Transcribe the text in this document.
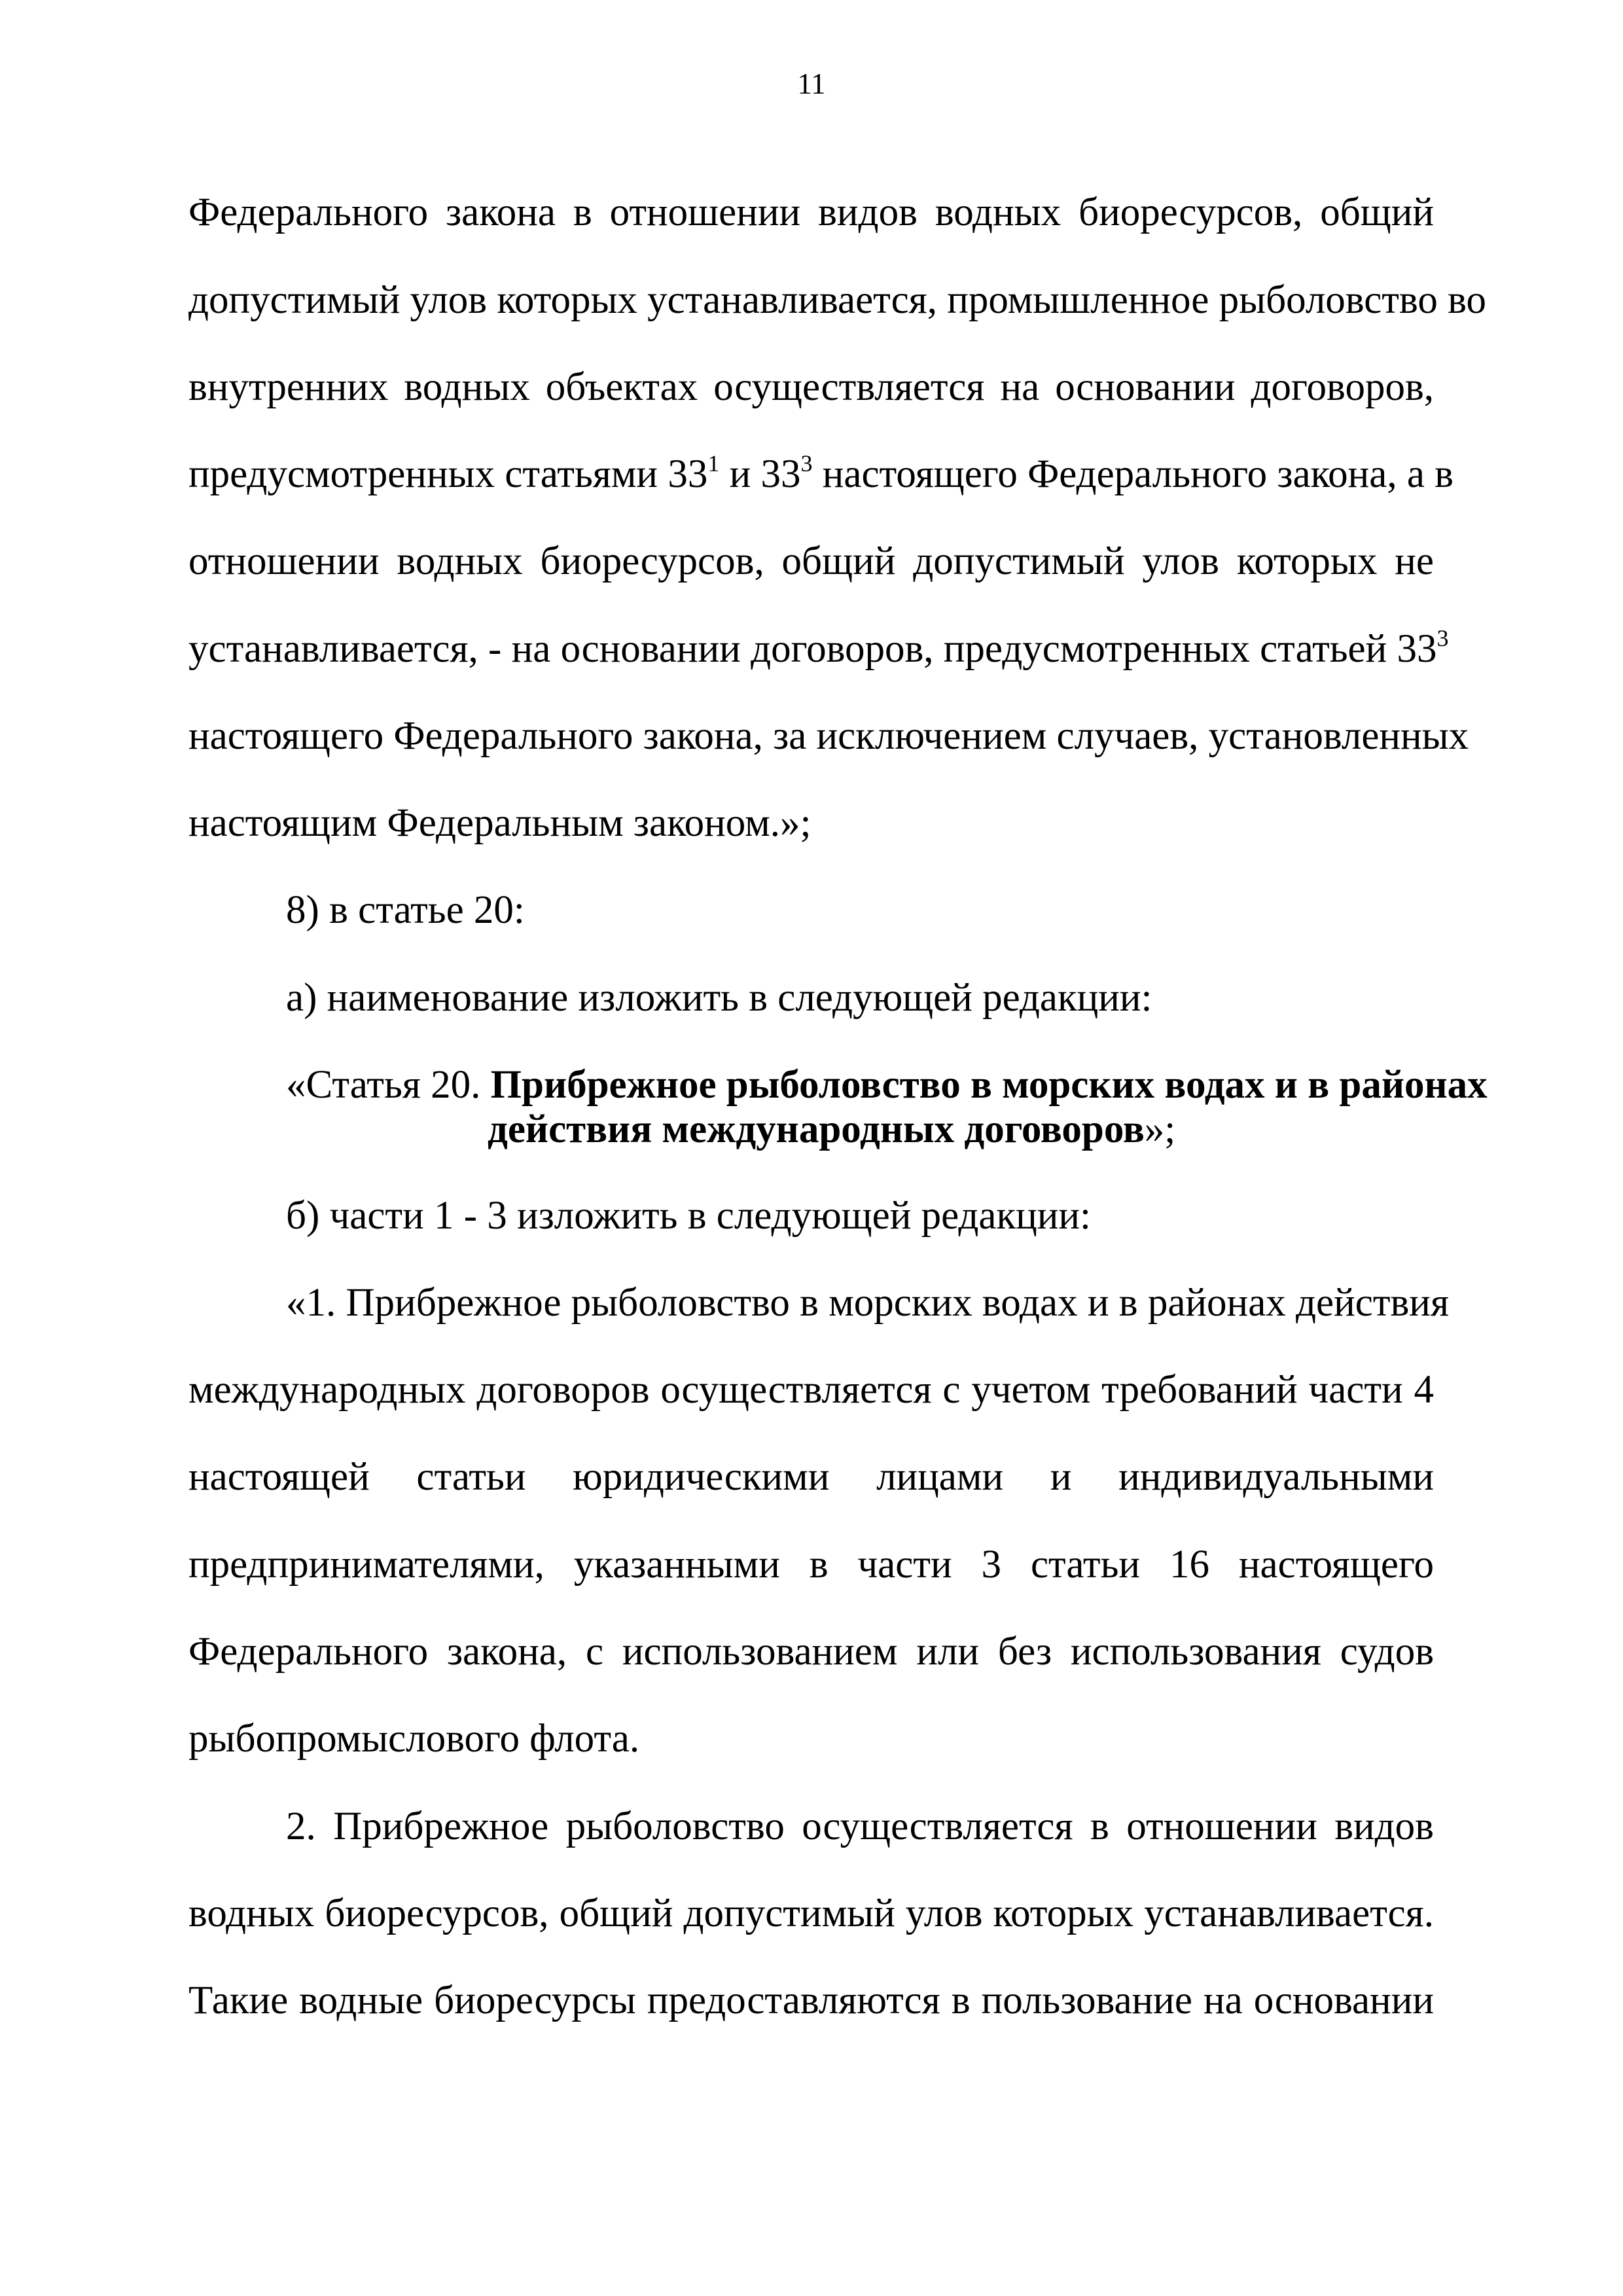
11

Федерального закона в отношении видов водных биоресурсов, общий

допустимый улов которых устанавливается, промышленное рыболовство во

внутренних водных объектах осуществляется на основании договоров,

предусмотренных статьями $33^1$ и $33^3$ настоящего Федерального закона, а в

отношении водных биоресурсов, общий допустимый улов которых не

устанавливается, - на основании договоров, предусмотренных статьей $33^3$

настоящего Федерального закона, за исключением случаев, установленных

настоящим Федеральным законом.»;

8) в статье 20:

а) наименование изложить в следующей редакции:

«Статья 20. Прибрежное рыболовство в морских водах и в районах

действия международных договоров»;

б) части 1 - 3 изложить в следующей редакции:

«1. Прибрежное рыболовство в морских водах и в районах действия

международных договоров осуществляется с учетом требований части 4

настоящей статьи юридическими лицами и индивидуальными

предпринимателями, указанными в части 3 статьи 16 настоящего

Федерального закона, с использованием или без использования судов

рыбопромыслового флота.

2. Прибрежное рыболовство осуществляется в отношении видов

водных биоресурсов, общий допустимый улов которых устанавливается.

Такие водные биоресурсы предоставляются в пользование на основании
